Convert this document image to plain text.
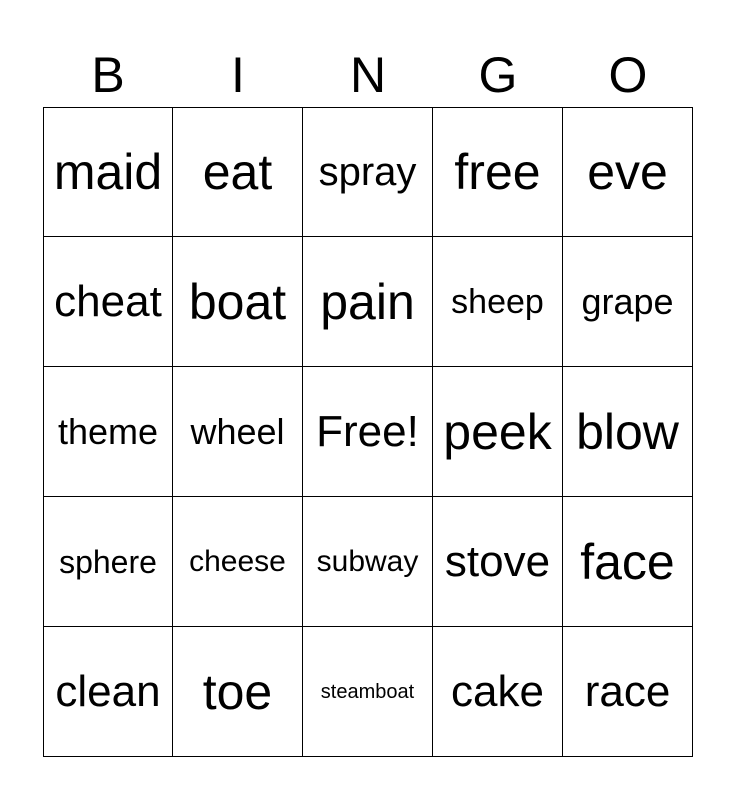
B	I	N	G	O
maid eat	spray free eve
cheat boat pain	sheep	grape
theme wheel Free! peek blow
sphere	cheese	subway stove face
clean toe	steamboat cake race
